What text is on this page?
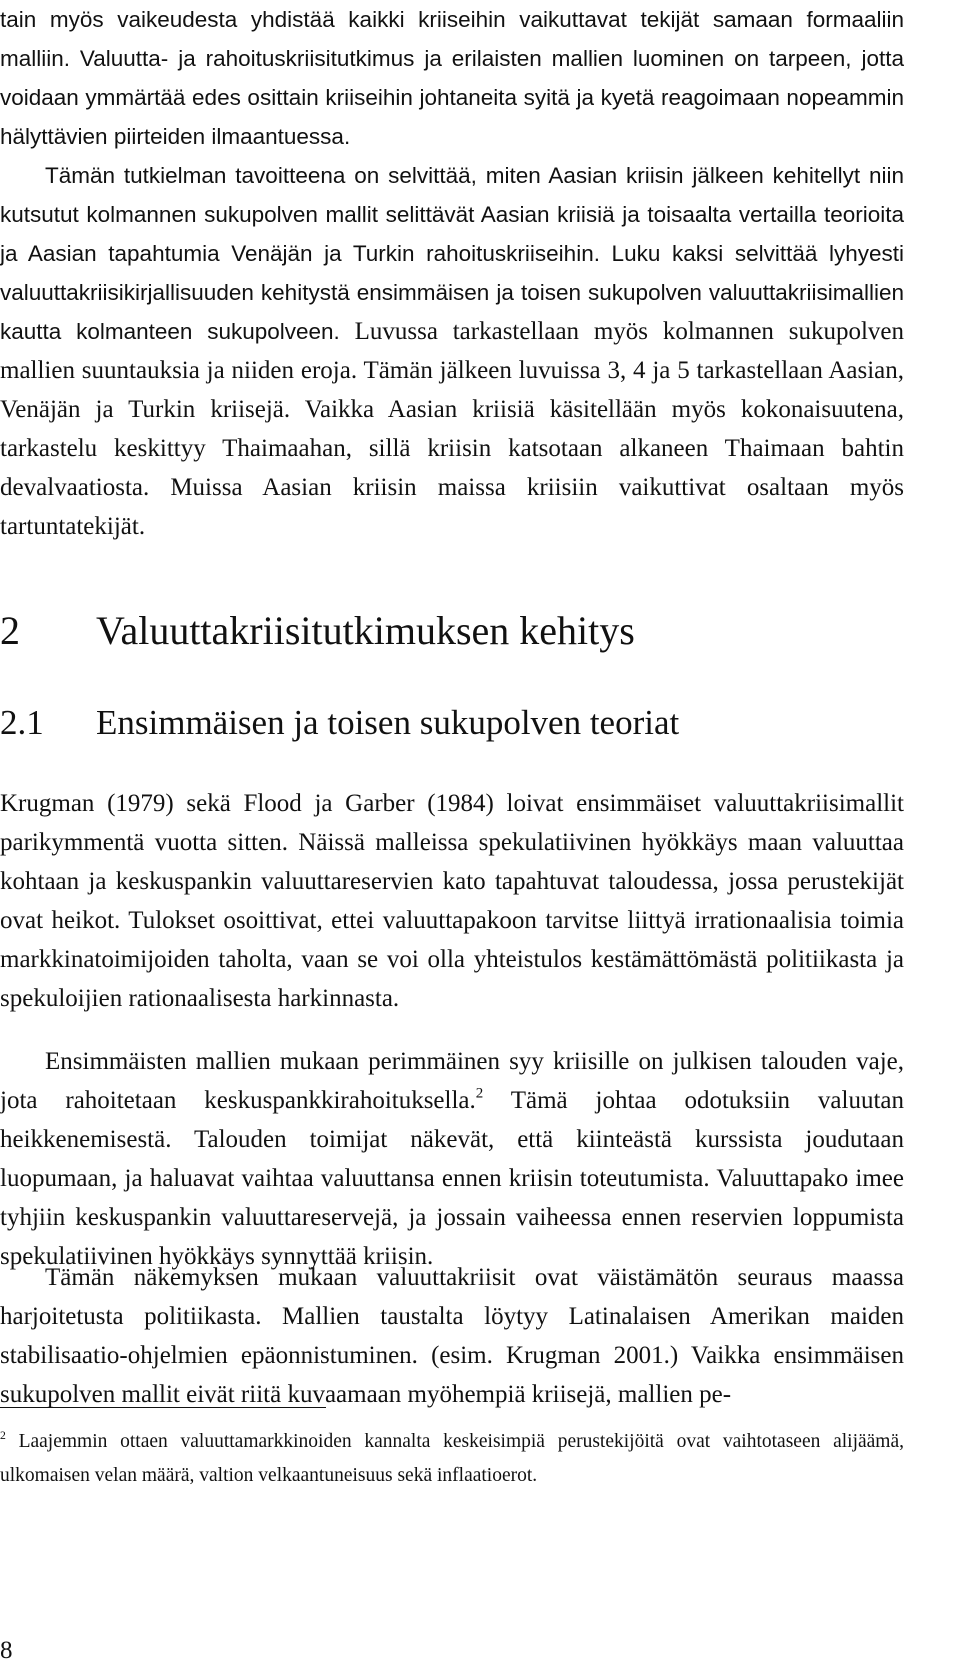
tain myös vaikeudesta yhdistää kaikki kriiseihin vaikuttavat tekijät samaan formaaliin malliin. Valuutta- ja rahoituskriisitutkimus ja erilaisten mallien luominen on tarpeen, jotta voidaan ymmärtää edes osittain kriiseihin johtaneita syitä ja kyetä reagoimaan nopeammin hälyttävien piirteiden ilmaantuessa.
Tämän tutkielman tavoitteena on selvittää, miten Aasian kriisin jälkeen kehitellyt niin kutsutut kolmannen sukupolven mallit selittävät Aasian kriisiä ja toisaalta vertailla teorioita ja Aasian tapahtumia Venäjän ja Turkin rahoituskriiseihin. Luku kaksi selvittää lyhyesti valuuttakriisikirjallisuuden kehitystä ensimmäisen ja toisen sukupolven valuuttakriisimallien kautta kolmanteen sukupolveen. Luvussa tarkastellaan myös kolmannen sukupolven mallien suuntauksia ja niiden eroja. Tämän jälkeen luvuissa 3, 4 ja 5 tarkastellaan Aasian, Venäjän ja Turkin kriisejä. Vaikka Aasian kriisiä käsitellään myös kokonaisuutena, tarkastelu keskittyy Thaimaahan, sillä kriisin katsotaan alkaneen Thaimaan bahtin devalvaatiosta. Muissa Aasian kriisin maissa kriisiin vaikuttivat osaltaan myös tartuntatekijät.
2 Valuuttakriisitutkimuksen kehitys
2.1 Ensimmäisen ja toisen sukupolven teoriat
Krugman (1979) sekä Flood ja Garber (1984) loivat ensimmäiset valuuttakriisimallit parikymmentä vuotta sitten. Näissä malleissa spekulatiivinen hyökkäys maan valuuttaa kohtaan ja keskuspankin valuuttareservien kato tapahtuvat taloudessa, jossa perustekijät ovat heikot. Tulokset osoittivat, ettei valuuttapakoon tarvitse liittyä irrationaalisia toimia markkinatoimijoiden taholta, vaan se voi olla yhteistulos kestämättömästä politiikasta ja spekuloijien rationaalisesta harkinnasta.
Ensimmäisten mallien mukaan perimmäinen syy kriisille on julkisen talouden vaje, jota rahoitetaan keskuspankkirahoituksella.$^2$ Tämä johtaa odotuksiin valuutan heikkenemisestä. Talouden toimijat näkevät, että kiinteästä kurssista joudutaan luopumaan, ja haluavat vaihtaa valuuttansa ennen kriisin toteutumista. Valuuttapako imee tyhjiin keskuspankin valuuttareservejä, ja jossain vaiheessa ennen reservien loppumista spekulatiivinen hyökkäys synnyttää kriisin.
Tämän näkemyksen mukaan valuuttakriisit ovat väistämätön seuraus maassa harjoitetusta politiikasta. Mallien taustalta löytyy Latinalaisen Amerikan maiden stabilisaatio-ohjelmien epäonnistuminen. (esim. Krugman 2001.) Vaikka ensimmäisen sukupolven mallit eivät riitä kuvaamaan myöhempiä kriisejä, mallien pe-
$^2$ Laajemmin ottaen valuuttamarkkinoiden kannalta keskeisimpiä perustekijöitä ovat vaihtotaseen alijäämä, ulkomaisen velan määrä, valtion velkaantuneisuus sekä inflaatioerot.
8
